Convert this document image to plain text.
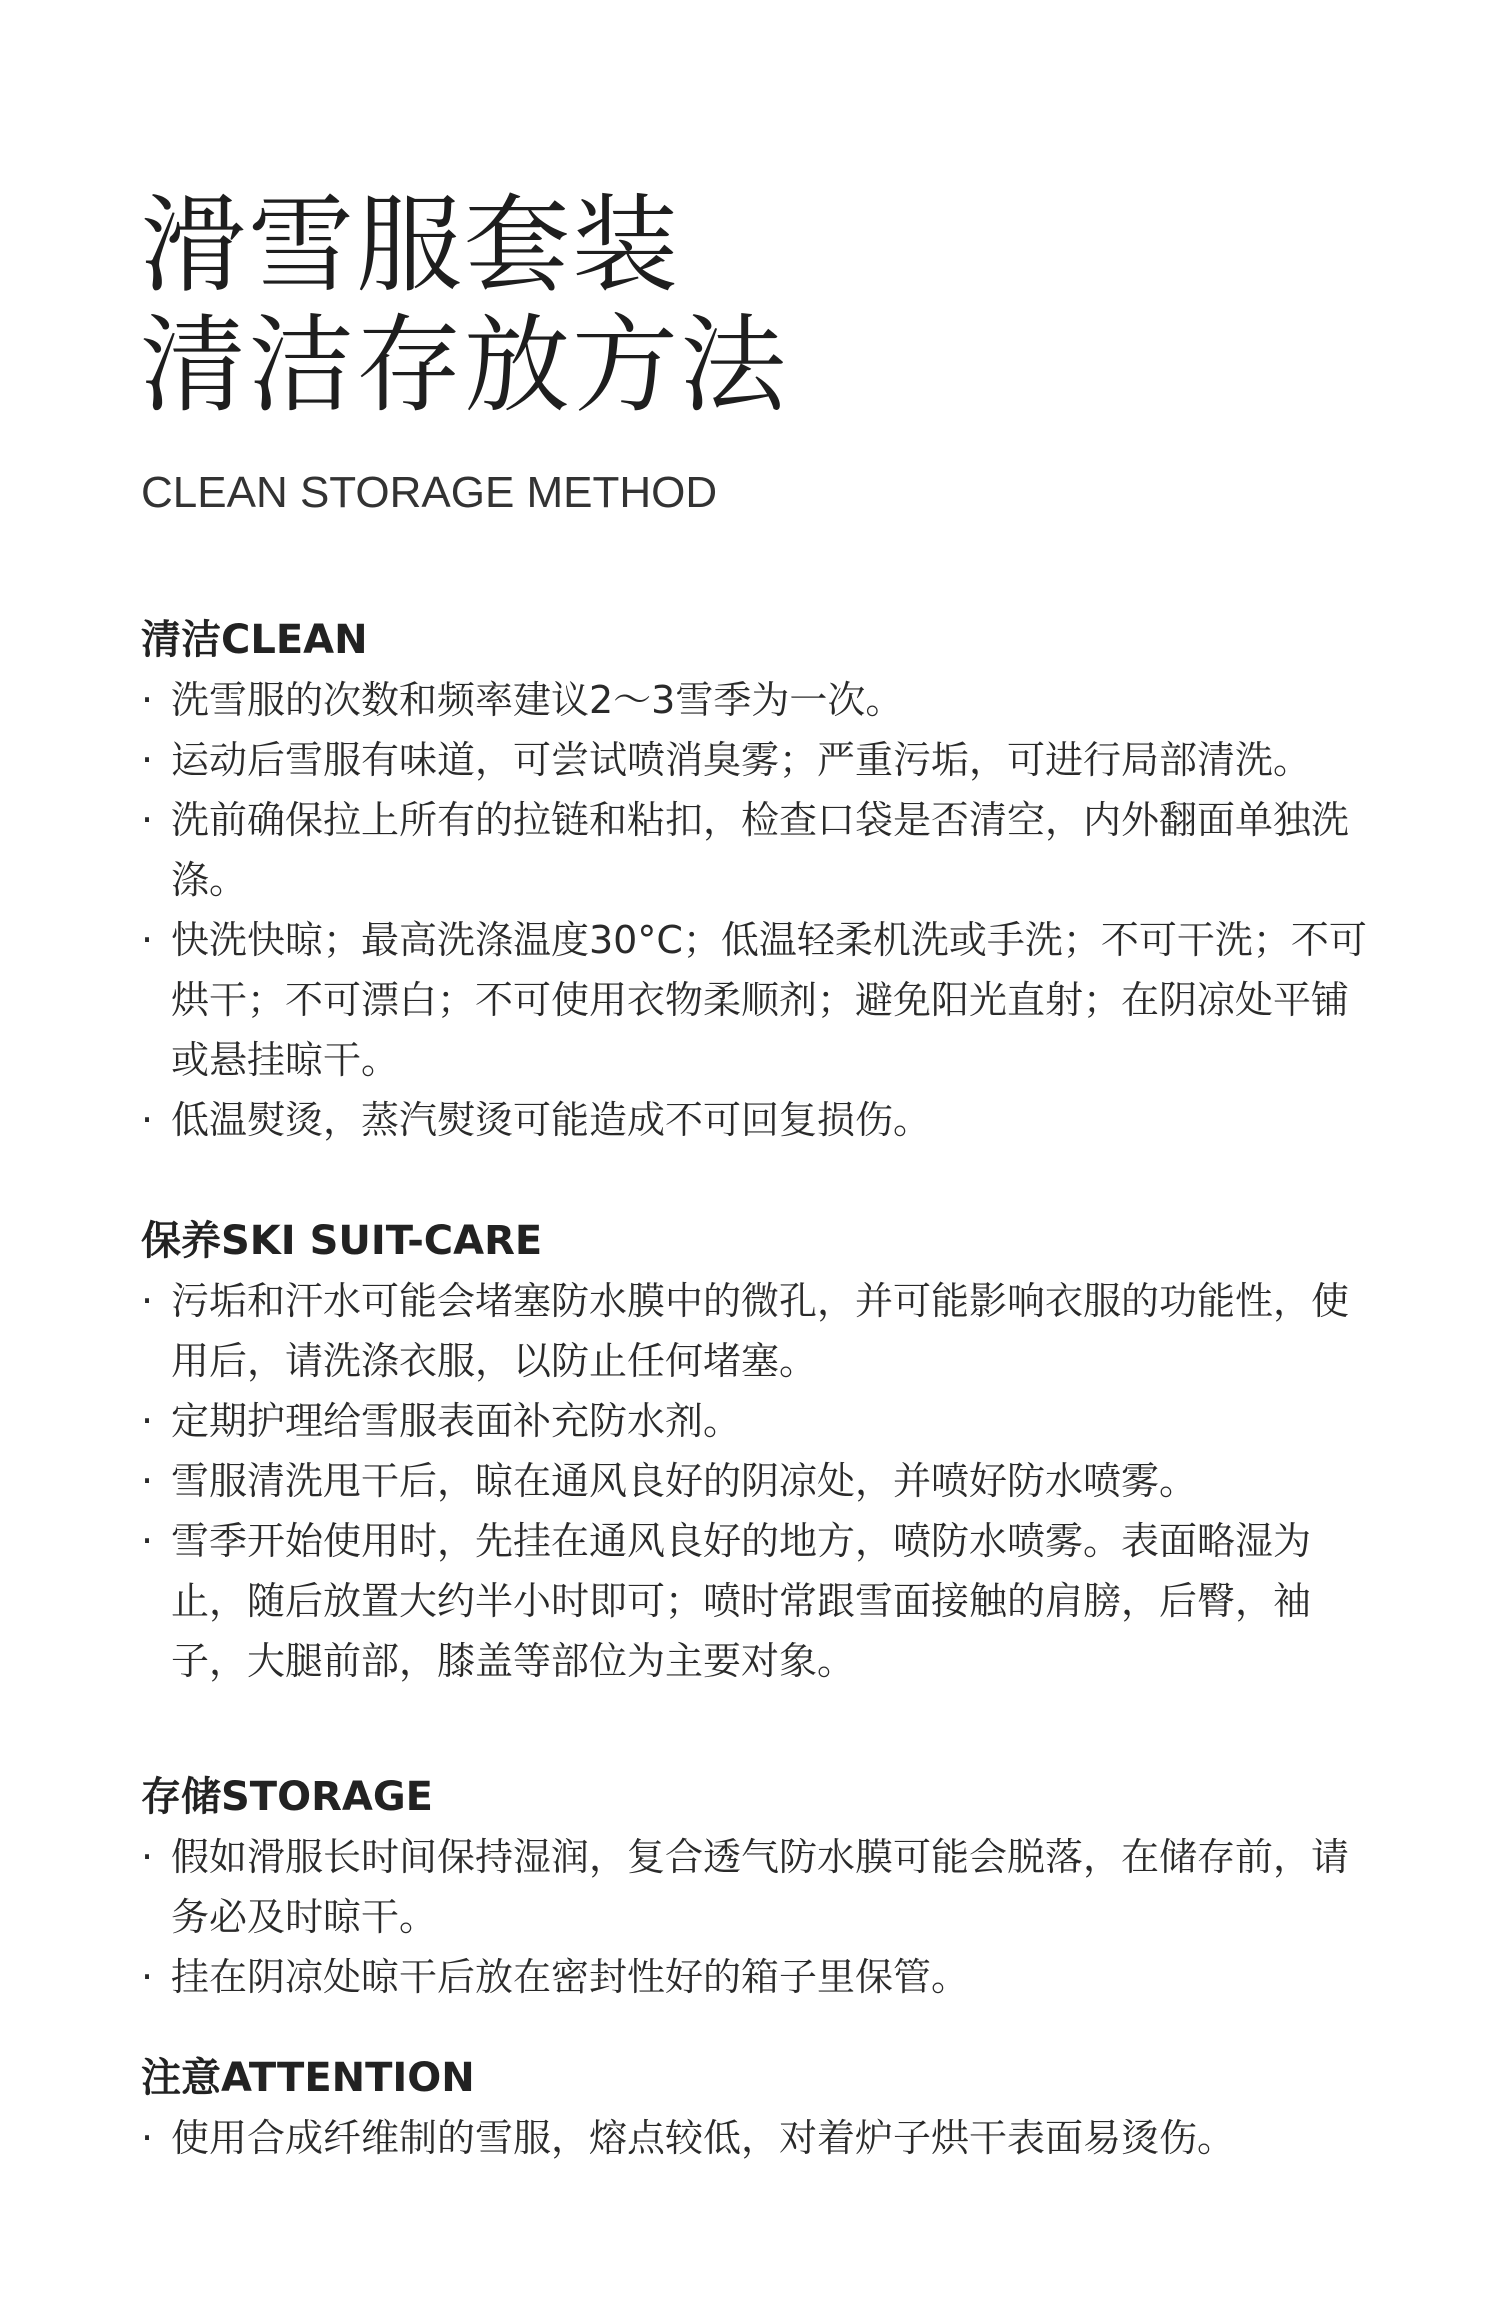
滑雪服套装
清洁存放方法

CLEAN STORAGE METHOD

清洁CLEAN
· 洗雪服的次数和频率建议2～3雪季为一次。
· 运动后雪服有味道，可尝试喷消臭雾；严重污垢，可进行局部清洗。
· 洗前确保拉上所有的拉链和粘扣，检查口袋是否清空，内外翻面单独洗涤。
· 快洗快晾；最高洗涤温度30°C；低温轻柔机洗或手洗；不可干洗；不可烘干；不可漂白；不可使用衣物柔顺剂；避免阳光直射；在阴凉处平铺或悬挂晾干。
· 低温熨烫，蒸汽熨烫可能造成不可回复损伤。
保养SKI SUIT-CARE
· 污垢和汗水可能会堵塞防水膜中的微孔，并可能影响衣服的功能性，使用后，请洗涤衣服，以防止任何堵塞。
· 定期护理给雪服表面补充防水剂。
· 雪服清洗甩干后，晾在通风良好的阴凉处，并喷好防水喷雾。
· 雪季开始使用时，先挂在通风良好的地方，喷防水喷雾。表面略湿为止，随后放置大约半小时即可；喷时常跟雪面接触的肩膀，后臀，袖子，大腿前部，膝盖等部位为主要对象。
存储STORAGE
· 假如滑服长时间保持湿润，复合透气防水膜可能会脱落，在储存前，请务必及时晾干。
· 挂在阴凉处晾干后放在密封性好的箱子里保管。
注意ATTENTION
· 使用合成纤维制的雪服，熔点较低，对着炉子烘干表面易烫伤。
